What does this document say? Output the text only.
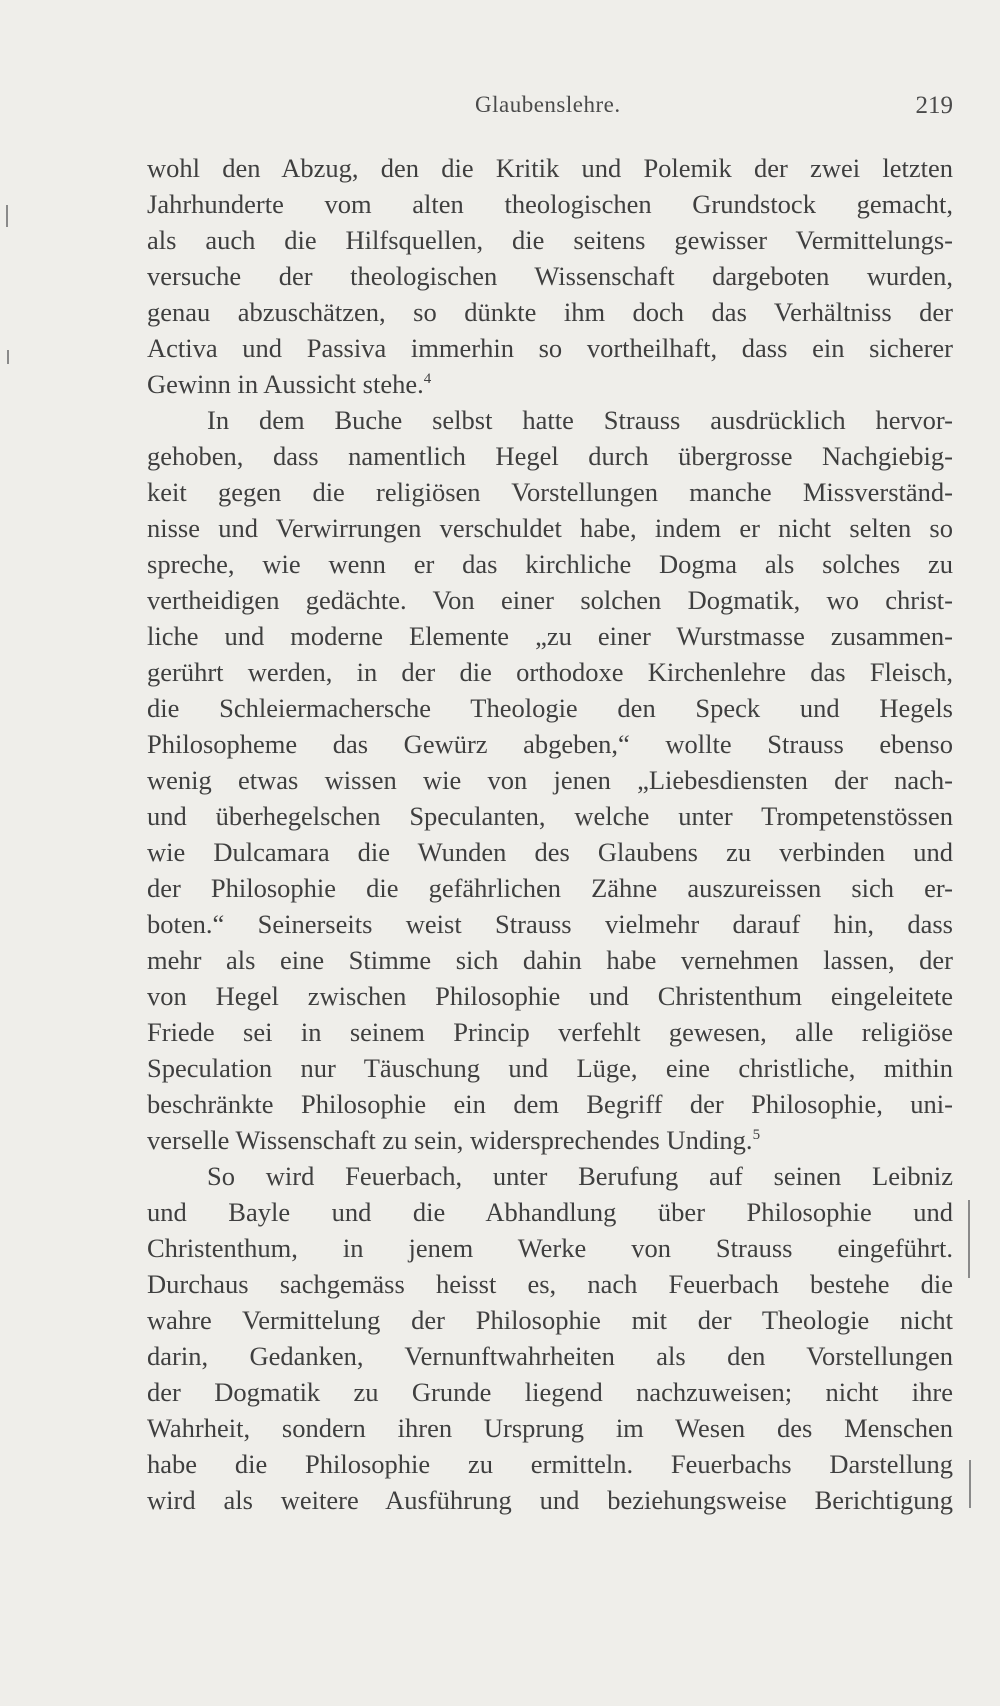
Glaubenslehre.	219
wohl den Abzug, den die Kritik und Polemik der zwei letzten
Jahrhunderte vom alten theologischen Grundstock gemacht,
als auch die Hilfsquellen, die seitens gewisser Vermittelungs-
versuche der theologischen Wissenschaft dargeboten wurden,
genau abzuschätzen, so dünkte ihm doch das Verhältniss der
Activa und Passiva immerhin so vortheilhaft, dass ein sicherer
Gewinn in Aussicht stehe.$^4$
In dem Buche selbst hatte Strauss ausdrücklich hervor-
gehoben, dass namentlich Hegel durch übergrosse Nachgiebig-
keit gegen die religiösen Vorstellungen manche Missverständ-
nisse und Verwirrungen verschuldet habe, indem er nicht selten so
spreche, wie wenn er das kirchliche Dogma als solches zu
vertheidigen gedächte. Von einer solchen Dogmatik, wo christ-
liche und moderne Elemente „zu einer Wurstmasse zusammen-
gerührt werden, in der die orthodoxe Kirchenlehre das Fleisch,
die Schleiermachersche Theologie den Speck und Hegels
Philosopheme das Gewürz abgeben,“ wollte Strauss ebenso
wenig etwas wissen wie von jenen „Liebesdiensten der nach-
und überhegelschen Speculanten, welche unter Trompetenstössen
wie Dulcamara die Wunden des Glaubens zu verbinden und
der Philosophie die gefährlichen Zähne auszureissen sich er-
boten.“ Seinerseits weist Strauss vielmehr darauf hin, dass
mehr als eine Stimme sich dahin habe vernehmen lassen, der
von Hegel zwischen Philosophie und Christenthum eingeleitete
Friede sei in seinem Princip verfehlt gewesen, alle religiöse
Speculation nur Täuschung und Lüge, eine christliche, mithin
beschränkte Philosophie ein dem Begriff der Philosophie, uni-
verselle Wissenschaft zu sein, widersprechendes Unding.$^5$
So wird Feuerbach, unter Berufung auf seinen Leibniz
und Bayle und die Abhandlung über Philosophie und
Christenthum, in jenem Werke von Strauss eingeführt.
Durchaus sachgemäss heisst es, nach Feuerbach bestehe die
wahre Vermittelung der Philosophie mit der Theologie nicht
darin, Gedanken, Vernunftwahrheiten als den Vorstellungen
der Dogmatik zu Grunde liegend nachzuweisen; nicht ihre
Wahrheit, sondern ihren Ursprung im Wesen des Menschen
habe die Philosophie zu ermitteln. Feuerbachs Darstellung
wird als weitere Ausführung und beziehungsweise Berichtigung
